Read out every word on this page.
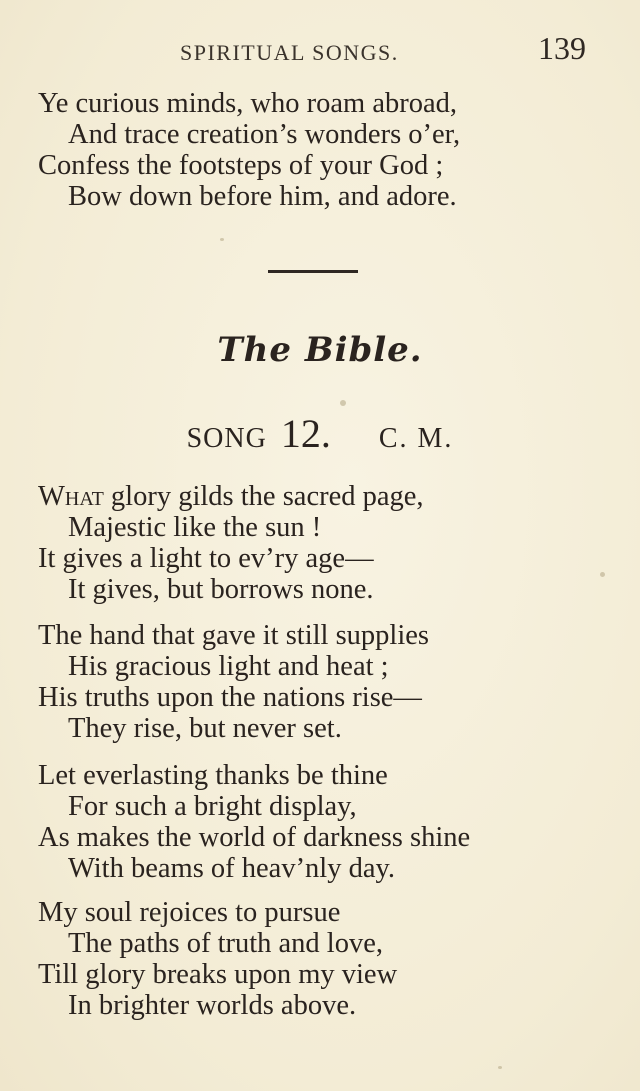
SPIRITUAL SONGS.	139
Ye curious minds, who roam abroad,
And trace creation’s wonders o’er,
Confess the footsteps of your God ;
Bow down before him, and adore.
The Bible.
SONG 12. C. M.
What glory gilds the sacred page,
Majestic like the sun !
It gives a light to ev’ry age—
It gives, but borrows none.
The hand that gave it still supplies
His gracious light and heat ;
His truths upon the nations rise—
They rise, but never set.
Let everlasting thanks be thine
For such a bright display,
As makes the world of darkness shine
With beams of heav’nly day.
My soul rejoices to pursue
The paths of truth and love,
Till glory breaks upon my view
In brighter worlds above.
